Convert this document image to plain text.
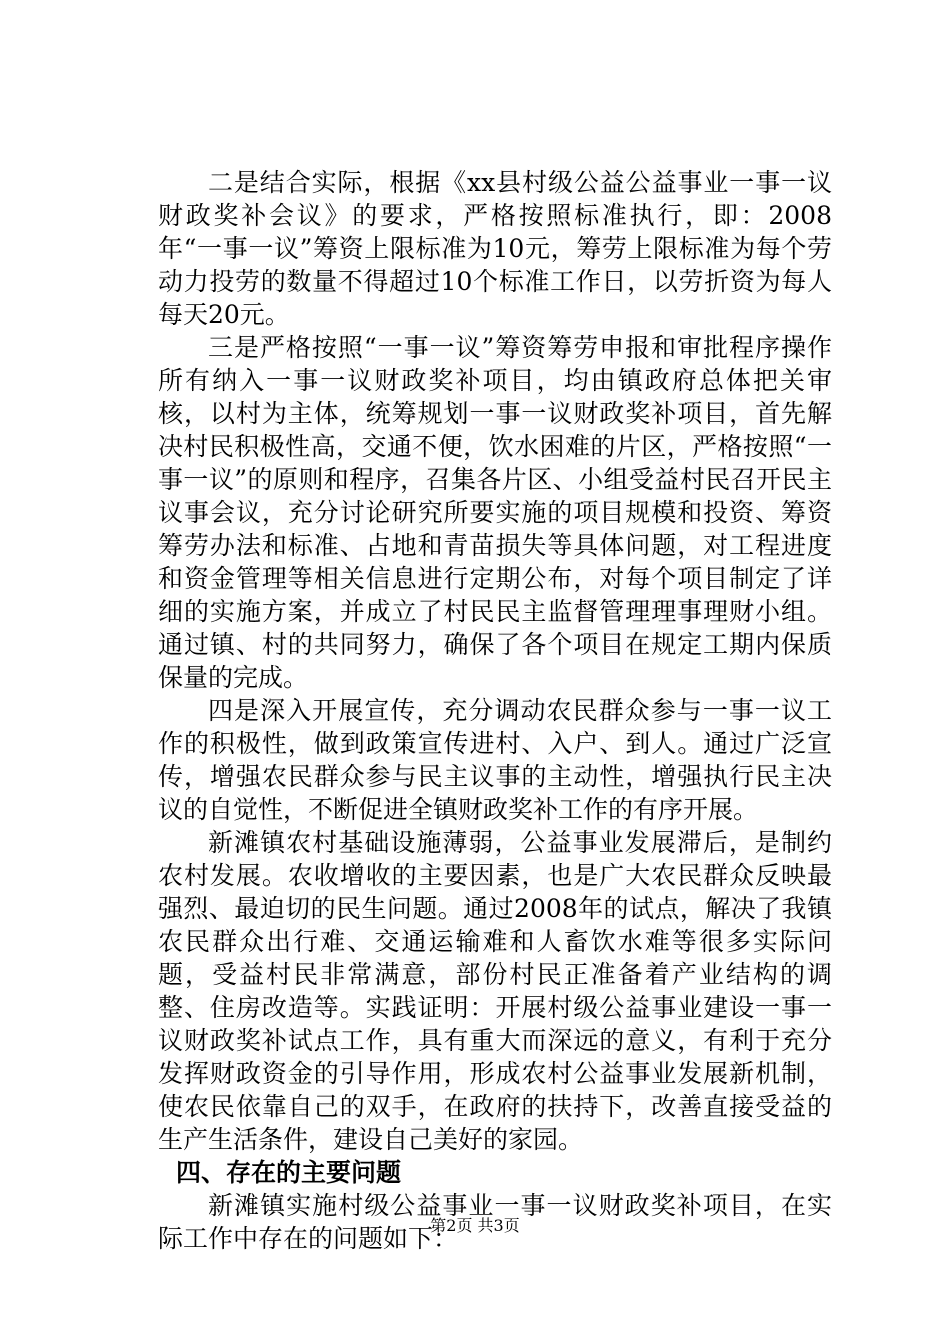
二是结合实际，根据《xx县村级公益公益事业一事一议财政奖补会议》的要求，严格按照标准执行，即：2008年“一事一议”筹资上限标准为10元，筹劳上限标准为每个劳动力投劳的数量不得超过10个标准工作日，以劳折资为每人每天20元。

三是严格按照“一事一议”筹资筹劳申报和审批程序操作所有纳入一事一议财政奖补项目，均由镇政府总体把关审核，以村为主体，统筹规划一事一议财政奖补项目，首先解决村民积极性高，交通不便，饮水困难的片区，严格按照“一事一议”的原则和程序，召集各片区、小组受益村民召开民主议事会议，充分讨论研究所要实施的项目规模和投资、筹资筹劳办法和标准、占地和青苗损失等具体问题，对工程进度和资金管理等相关信息进行定期公布，对每个项目制定了详细的实施方案，并成立了村民民主监督管理理事理财小组。通过镇、村的共同努力，确保了各个项目在规定工期内保质保量的完成。

四是深入开展宣传，充分调动农民群众参与一事一议工作的积极性，做到政策宣传进村、入户、到人。通过广泛宣传，增强农民群众参与民主议事的主动性，增强执行民主决议的自觉性，不断促进全镇财政奖补工作的有序开展。

新滩镇农村基础设施薄弱，公益事业发展滞后，是制约农村发展。农收增收的主要因素，也是广大农民群众反映最强烈、最迫切的民生问题。通过2008年的试点，解决了我镇农民群众出行难、交通运输难和人畜饮水难等很多实际问题，受益村民非常满意，部份村民正准备着产业结构的调整、住房改造等。实践证明：开展村级公益事业建设一事一议财政奖补试点工作，具有重大而深远的意义，有利于充分发挥财政资金的引导作用，形成农村公益事业发展新机制，使农民依靠自己的双手，在政府的扶持下，改善直接受益的生产生活条件，建设自己美好的家园。

四、存在的主要问题

新滩镇实施村级公益事业一事一议财政奖补项目，在实际工作中存在的问题如下：

第2页 共3页
